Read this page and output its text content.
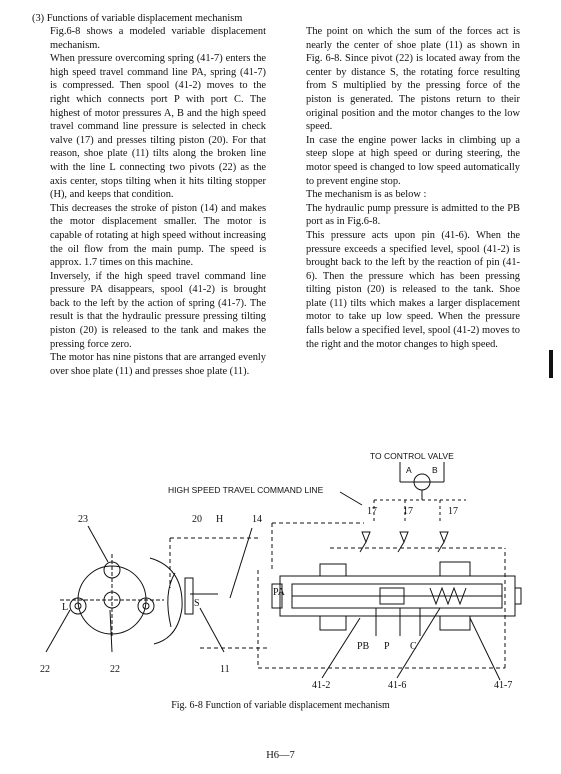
(3) Functions of variable displacement mechanism

Fig.6-8 shows a modeled variable displacement mechanism.

When pressure overcoming spring (41-7) enters the high speed travel command line PA, spring (41-7) is compressed. Then spool (41-2) moves to the right which connects port P with port C. The highest of motor pressures A, B and the high speed travel command line pressure is selected in check valve (17) and presses tilting piston (20). For that reason, shoe plate (11) tilts along the broken line with the line L connecting two pivots (22) as the axis center, stops tilting when it hits tilting stopper (H), and keeps that condition.

This decreases the stroke of piston (14) and makes the motor displacement smaller. The motor is capable of rotating at high speed without increasing the oil flow from the main pump. The speed is approx. 1.7 times on this machine.

Inversely, if the high speed travel command line pressure PA disappears, spool (41-2) is brought back to the left by the action of spring (41-7). The result is that the hydraulic pressure pressing tilting piston (20) is released to the tank and makes the pressing force zero.

The motor has nine pistons that are arranged evenly over shoe plate (11) and presses shoe plate (11).

The point on which the sum of the forces act is nearly the center of shoe plate (11) as shown in Fig. 6-8. Since pivot (22) is located away from the center by distance S, the rotating force resulting from S multiplied by the pressing force of the piston is generated. The pistons return to their original position and the motor changes to the low speed.

In case the engine power lacks in climbing up a steep slope at high speed or during steering, the motor speed is changed to low speed automatically to prevent engine stop.

The mechanism is as below :

The hydraulic pump pressure is admitted to the PB port as in Fig.6-8.

This pressure acts upon pin (41-6). When the pressure exceeds a specified level, spool (41-2) is brought back to the left by the reaction of pin (41-6). Then the pressure which has been pressing tilting piston (20) is released to the tank. Shoe plate (11) tilts which makes a larger displacement motor to take up low speed. When the pressure falls below a specified level, spool (41-2) moves to the right and the motor changes to high speed.

TO CONTROL VALVE
A B
HIGH SPEED TRAVEL COMMAND LINE
17	17	17
23	20 H	14
L	S
PA
PB P C
22	22	11
41-2	41-6	41-7
Fig. 6-8 Function of variable displacement mechanism
H6—7
